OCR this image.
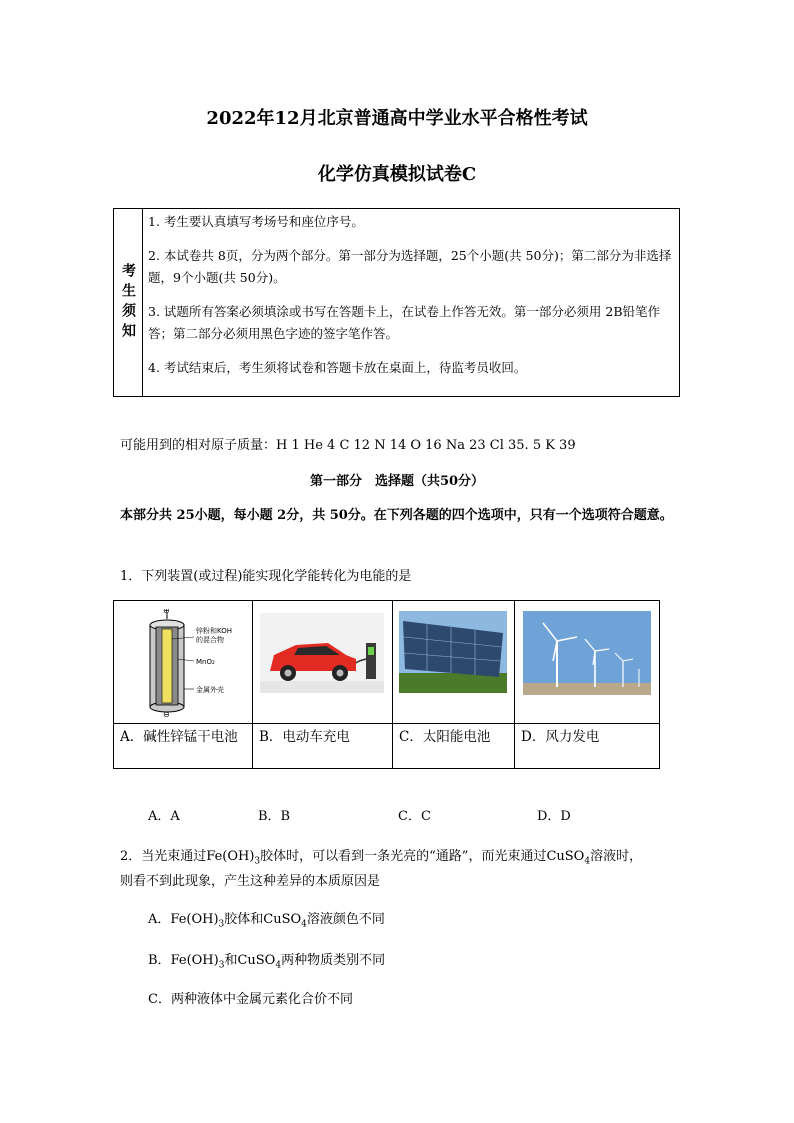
2022年12月北京普通高中学业水平合格性考试
化学仿真模拟试卷C
考生须知

1. 考生要认真填写考场号和座位序号。

2. 本试卷共 8页，分为两个部分。第一部分为选择题，25个小题(共 50分)；第二部分为非选择题，9个小题(共 50分)。

3. 试题所有答案必须填涂或书写在答题卡上，在试卷上作答无效。第一部分必须用 2B铅笔作答；第二部分必须用黑色字迹的签字笔作答。

4. 考试结束后，考生须将试卷和答题卡放在桌面上，待监考员收回。

可能用到的相对原子质量：H 1 He 4 C 12 N 14 O 16 Na 23 Cl 35. 5 K 39
第一部分　选择题（共50分）
本部分共 25小题，每小题 2分，共 50分。在下列各题的四个选项中，只有一个选项符合题意。
1．下列装置(或过程)能实现化学能转化为电能的是
⊕
锌粉和KOH
的混合物
MnO₂
金属外壳
⊖
A．碱性锌锰干电池	B．电动车充电	C．太阳能电池	D．风力发电
A．A	B．B	C．C	D．D
2．当光束通过$Fe(OH)_3$胶体时，可以看到一条光亮的“通路”，而光束通过CuSO$_4$溶液时，
则看不到此现象，产生这种差异的本质原因是
A．$Fe(OH)_3$胶体和CuSO$_4$溶液颜色不同
B．$Fe(OH)_3$和CuSO$_4$两种物质类别不同
C．两种液体中金属元素化合价不同
